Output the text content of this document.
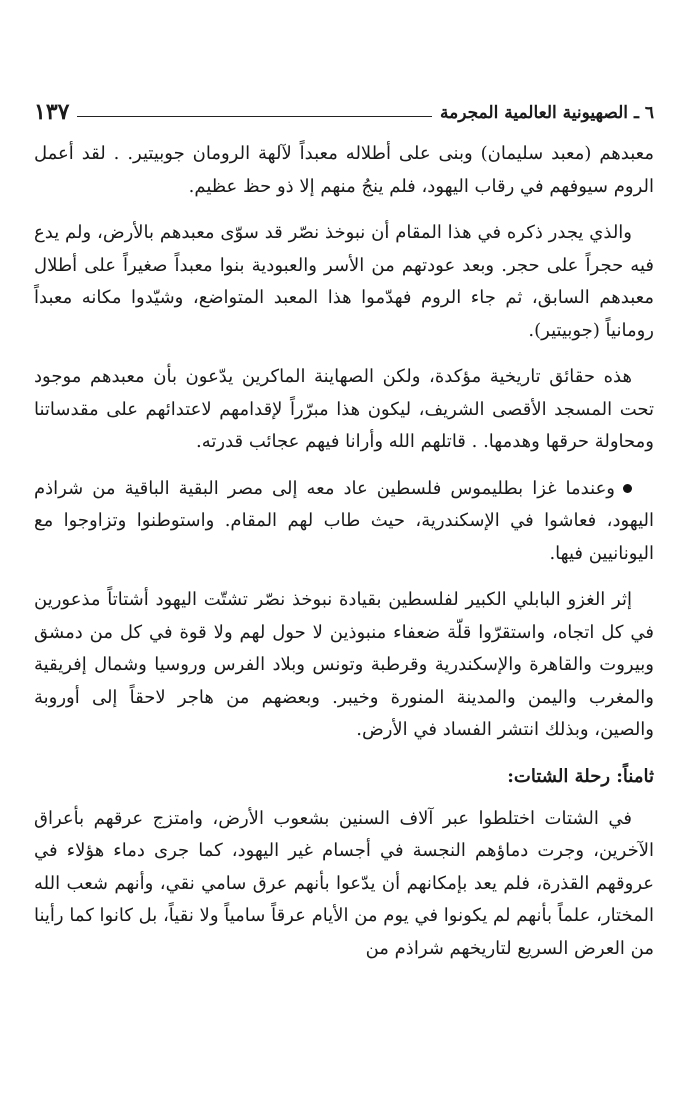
٦ ـ الصهيونية العالمية المجرمة
١٣٧

معبدهم (معبد سليمان) وبنى على أطلاله معبداً لآلهة الرومان جوبيتير. . لقد أعمل الروم سيوفهم في رقاب اليهود، فلم ينجُ منهم إلا ذو حظ عظيم.

والذي يجدر ذكره في هذا المقام أن نبوخذ نصّر قد سوّى معبدهم بالأرض، ولم يدع فيه حجراً على حجر. وبعد عودتهم من الأسر والعبودية بنوا معبداً صغيراً على أطلال معبدهم السابق، ثم جاء الروم فهدّموا هذا المعبد المتواضع، وشيّدوا مكانه معبداً رومانياً (جوبيتير).

هذه حقائق تاريخية مؤكدة، ولكن الصهاينة الماكرين يدّعون بأن معبدهم موجود تحت المسجد الأقصى الشريف، ليكون هذا مبرّراً لإقدامهم لاعتدائهم على مقدساتنا ومحاولة حرقها وهدمها. . قاتلهم الله وأرانا فيهم عجائب قدرته.

وعندما غزا بطليموس فلسطين عاد معه إلى مصر البقية الباقية من شراذم اليهود، فعاشوا في الإسكندرية، حيث طاب لهم المقام. واستوطنوا وتزاوجوا مع اليونانيين فيها.

إثر الغزو البابلي الكبير لفلسطين بقيادة نبوخذ نصّر تشتّت اليهود أشتاتاً مذعورين في كل اتجاه، واستقرّوا قلّة ضعفاء منبوذين لا حول لهم ولا قوة في كل من دمشق وبيروت والقاهرة والإسكندرية وقرطبة وتونس وبلاد الفرس وروسيا وشمال إفريقية والمغرب واليمن والمدينة المنورة وخيبر. وبعضهم من هاجر لاحقاً إلى أوروبة والصين، وبذلك انتشر الفساد في الأرض.

ثامناً: رحلة الشتات:

في الشتات اختلطوا عبر آلاف السنين بشعوب الأرض، وامتزج عرقهم بأعراق الآخرين، وجرت دماؤهم النجسة في أجسام غير اليهود، كما جرى دماء هؤلاء في عروقهم القذرة، فلم يعد بإمكانهم أن يدّعوا بأنهم عرق سامي نقي، وأنهم شعب الله المختار، علماً بأنهم لم يكونوا في يوم من الأيام عرقاً سامياً ولا نقياً، بل كانوا كما رأينا من العرض السريع لتاريخهم شراذم من
